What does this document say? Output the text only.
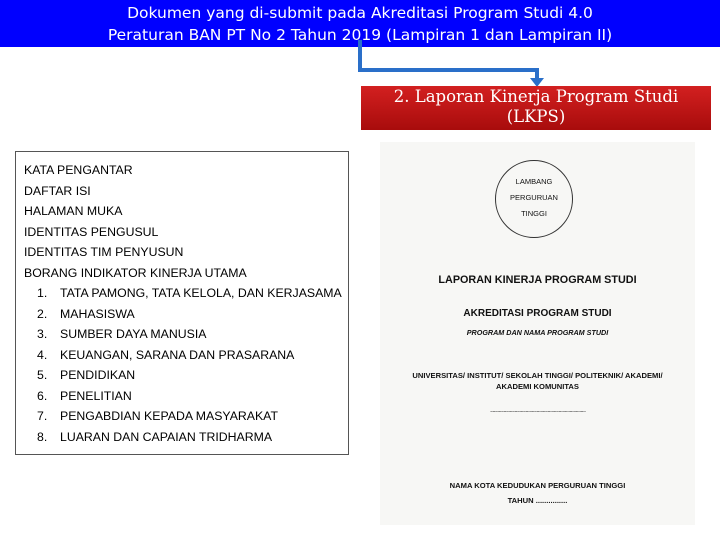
Dokumen yang di-submit pada Akreditasi Program Studi 4.0
Peraturan BAN PT No 2 Tahun 2019 (Lampiran 1 dan Lampiran II)
2. Laporan Kinerja Program Studi
(LKPS)
KATA PENGANTAR
DAFTAR ISI
HALAMAN MUKA
IDENTITAS PENGUSUL
IDENTITAS TIM PENYUSUN
BORANG INDIKATOR KINERJA UTAMA
1. TATA PAMONG, TATA KELOLA, DAN KERJASAMA
2. MAHASISWA
3. SUMBER DAYA MANUSIA
4. KEUANGAN, SARANA DAN PRASARANA
5. PENDIDIKAN
6. PENELITIAN
7. PENGABDIAN KEPADA MASYARAKAT
8. LUARAN DAN CAPAIAN TRIDHARMA
LAMBANG
PERGURUAN
TINGGI
LAPORAN KINERJA PROGRAM STUDI
AKREDITASI PROGRAM STUDI
PROGRAM DAN NAMA PROGRAM STUDI
UNIVERSITAS/ INSTITUT/ SEKOLAH TINGGI/ POLITEKNIK/ AKADEMI/ AKADEMI KOMUNITAS
..............................................................................
NAMA KOTA KEDUDUKAN PERGURUAN TINGGI
TAHUN ...............
